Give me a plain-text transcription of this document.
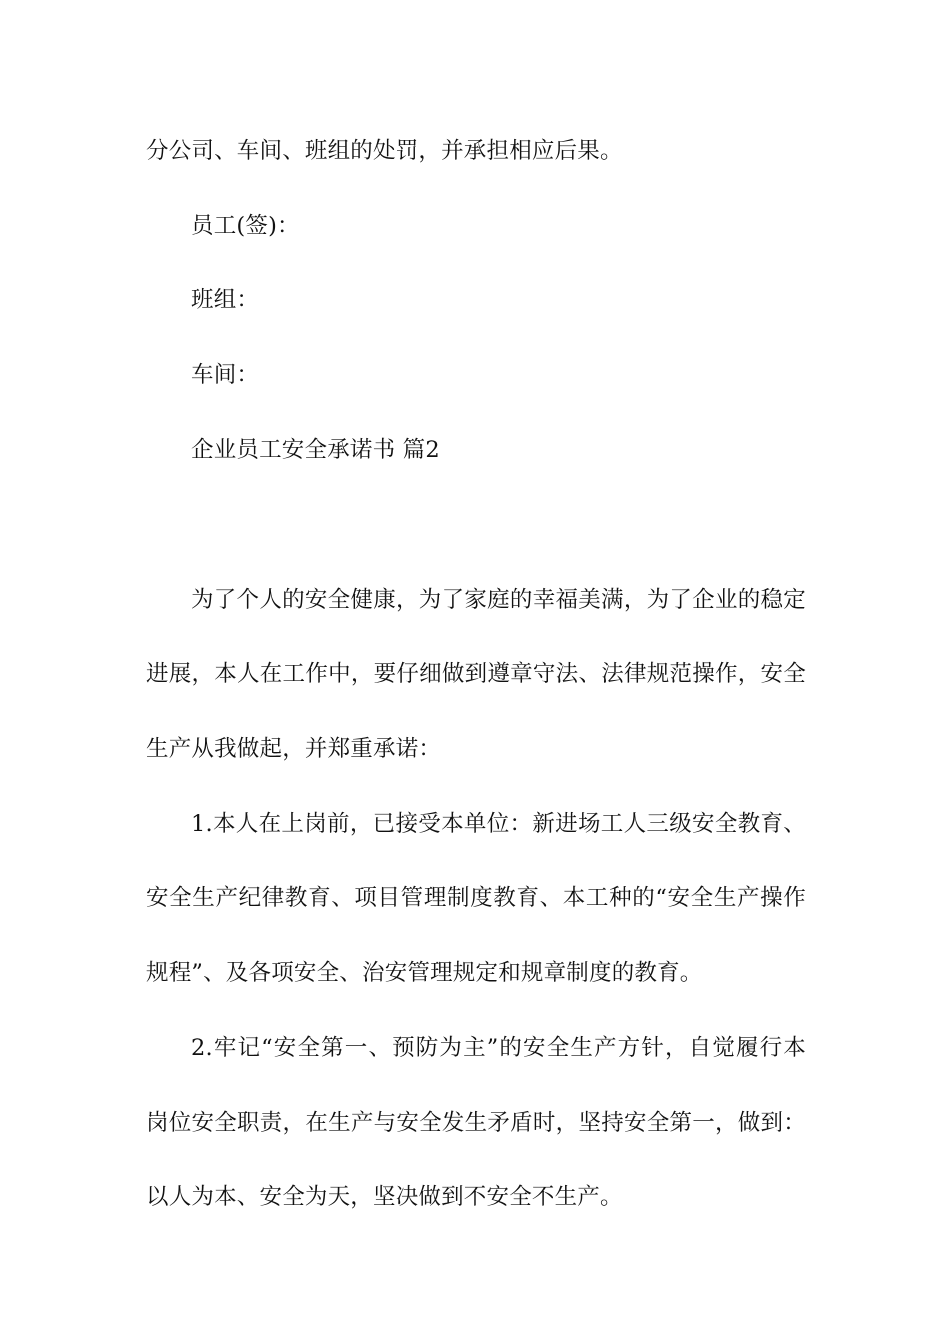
分公司、车间、班组的处罚，并承担相应后果。
员工(签)：
班组：
车间：
企业员工安全承诺书 篇2
为了个人的安全健康，为了家庭的幸福美满，为了企业的稳定
进展，本人在工作中，要仔细做到遵章守法、法律规范操作，安全
生产从我做起，并郑重承诺：
1.本人在上岗前，已接受本单位：新进场工人三级安全教育、
安全生产纪律教育、项目管理制度教育、本工种的“安全生产操作
规程”、及各项安全、治安管理规定和规章制度的教育。
2.牢记“安全第一、预防为主”的安全生产方针，自觉履行本
岗位安全职责，在生产与安全发生矛盾时，坚持安全第一，做到：
以人为本、安全为天，坚决做到不安全不生产。
